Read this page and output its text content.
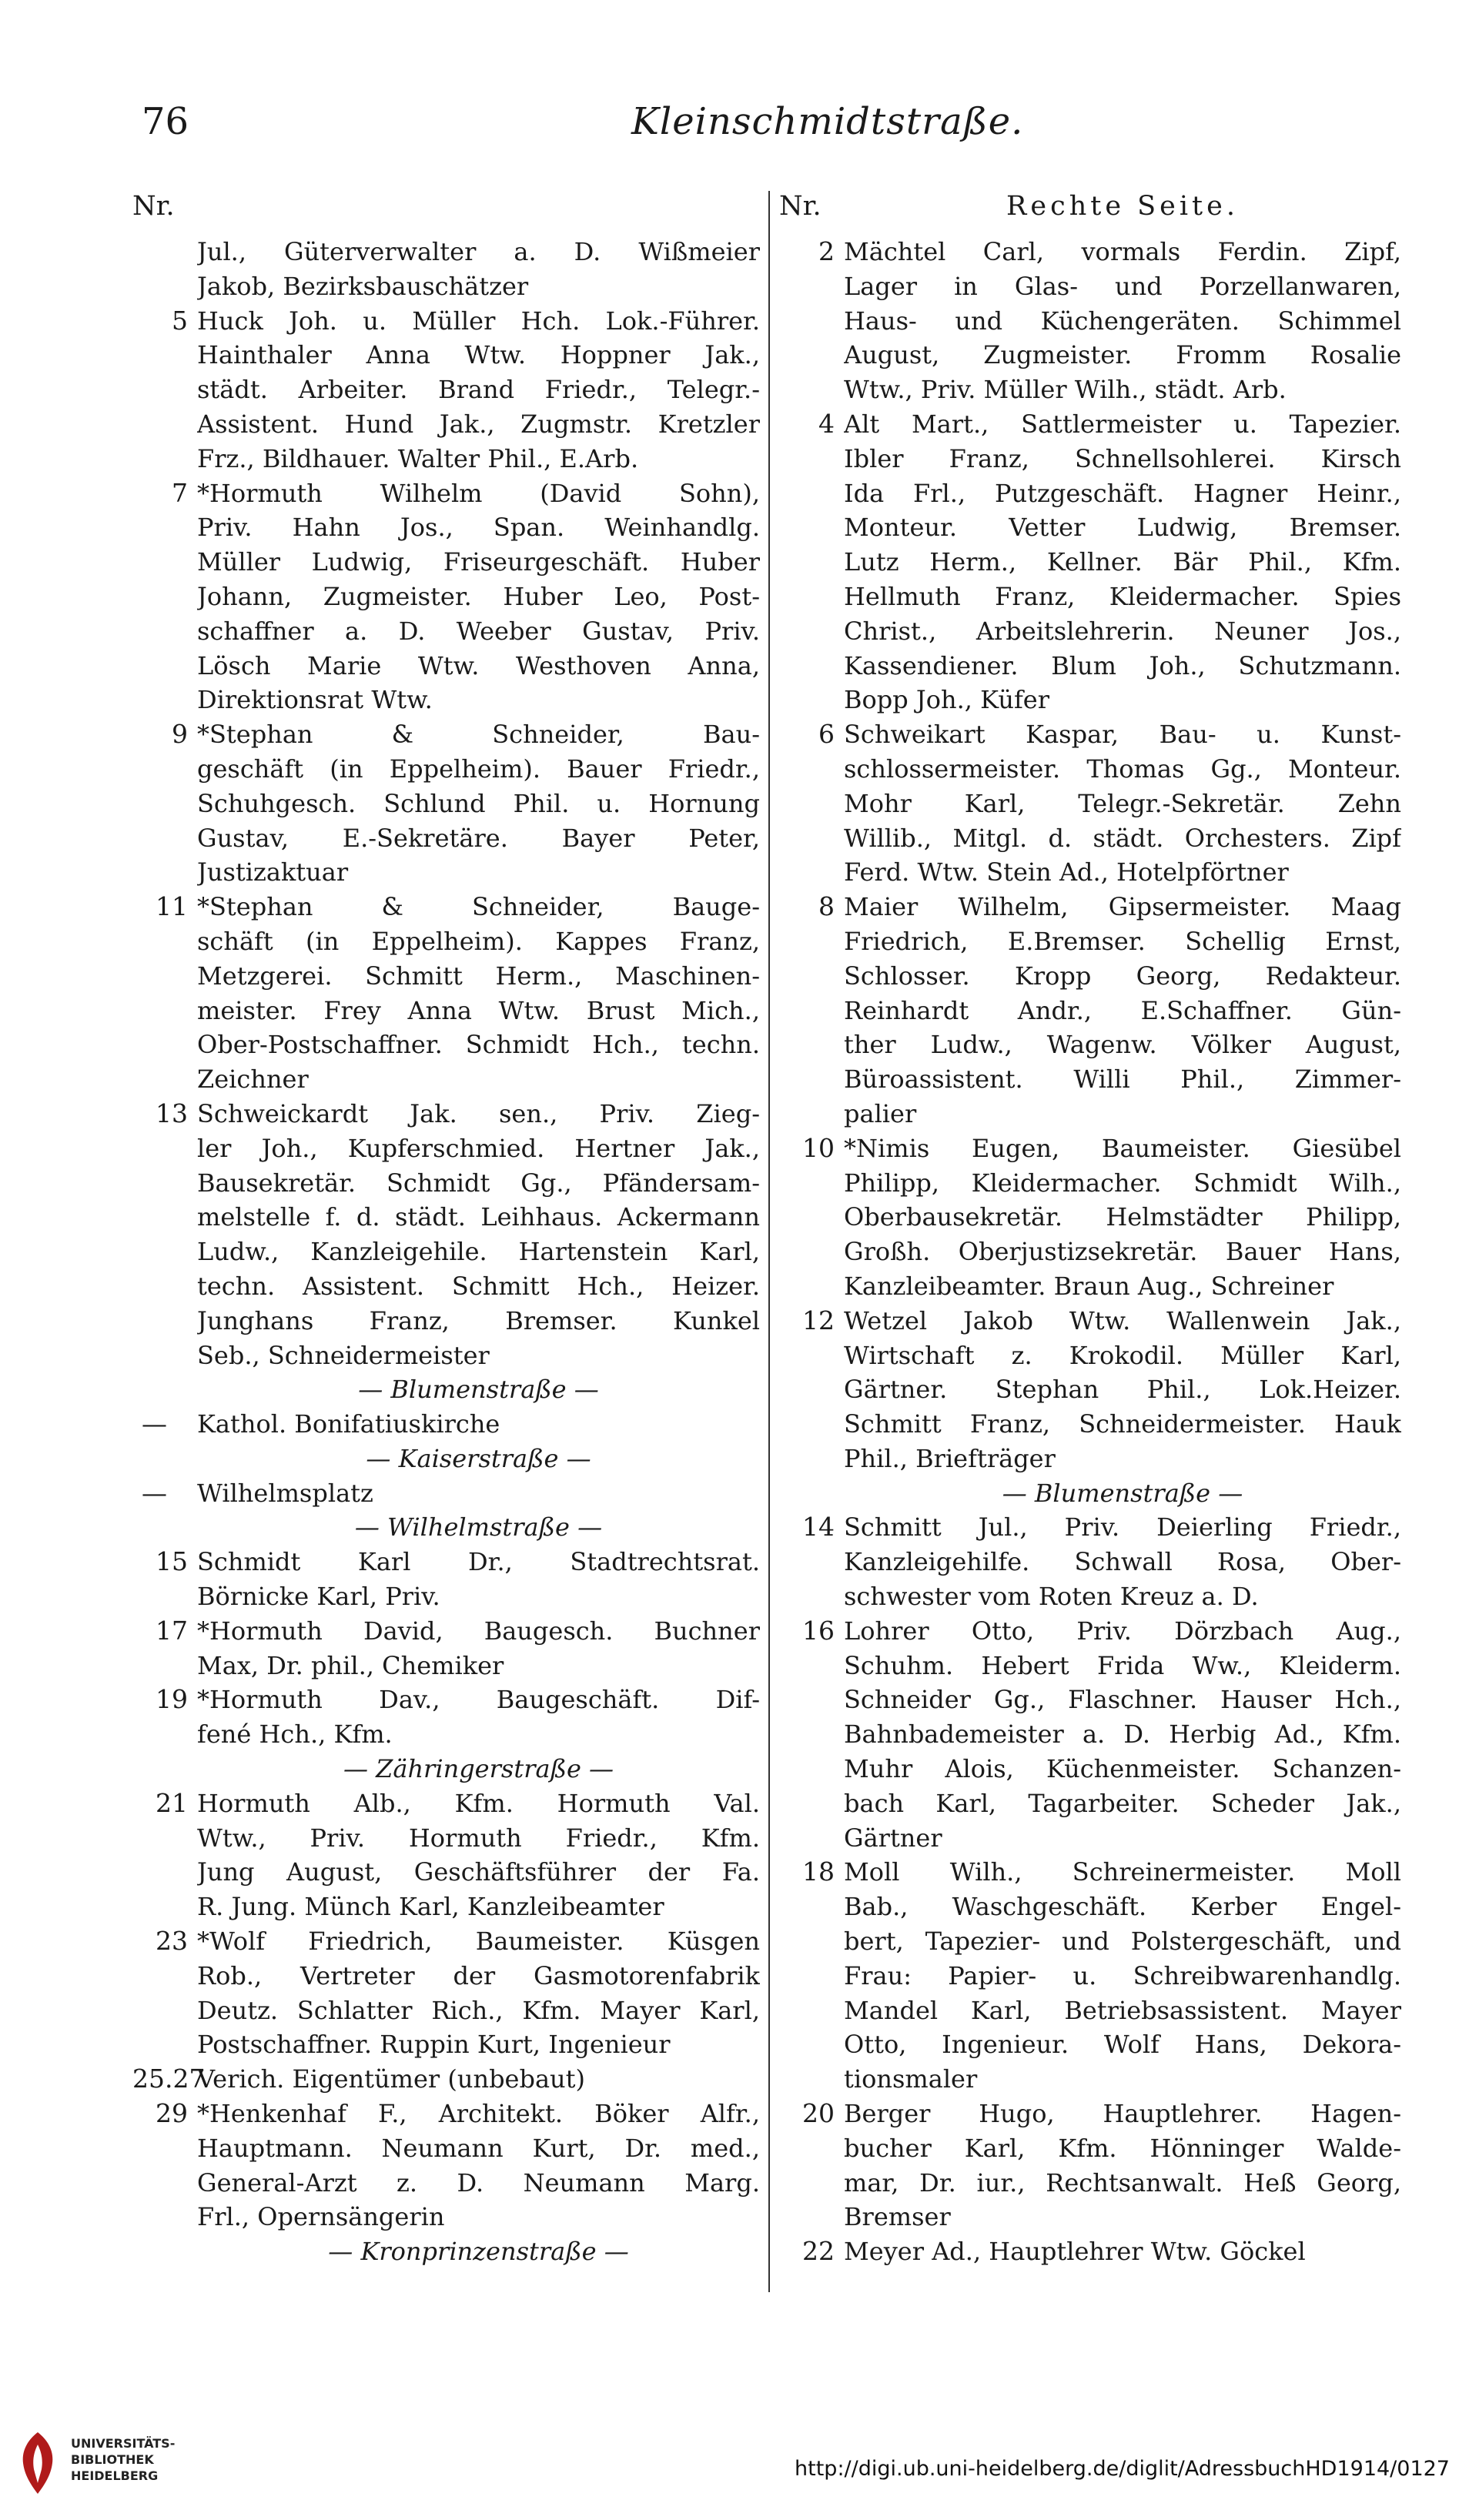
76	Kleinschmidtstraße.
Nr.
Jul., Güterverwalter a. D. Wißmeier
Jakob, Bezirksbauschätzer
5 Huck Joh. u. Müller Hch. Lok.-Führer.
Hainthaler Anna Wtw. Hoppner Jak.,
städt. Arbeiter. Brand Friedr., Telegr.-
Assistent. Hund Jak., Zugmstr. Kretzler
Frz., Bildhauer. Walter Phil., E.Arb.
7 *Hormuth Wilhelm (David Sohn),
Priv. Hahn Jos., Span. Weinhandlg.
Müller Ludwig, Friseurgeschäft. Huber
Johann, Zugmeister. Huber Leo, Post-
schaffner a. D. Weeber Gustav, Priv.
Lösch Marie Wtw. Westhoven Anna,
Direktionsrat Wtw.
9 *Stephan & Schneider, Bau-
geschäft (in Eppelheim). Bauer Friedr.,
Schuhgesch. Schlund Phil. u. Hornung
Gustav, E.-Sekretäre. Bayer Peter,
Justizaktuar
11 *Stephan & Schneider, Bauge-
schäft (in Eppelheim). Kappes Franz,
Metzgerei. Schmitt Herm., Maschinen-
meister. Frey Anna Wtw. Brust Mich.,
Ober-Postschaffner. Schmidt Hch., techn.
Zeichner
13 Schweickardt Jak. sen., Priv. Zieg-
ler Joh., Kupferschmied. Hertner Jak.,
Bausekretär. Schmidt Gg., Pfändersam-
melstelle f. d. städt. Leihhaus. Ackermann
Ludw., Kanzleigehile. Hartenstein Karl,
techn. Assistent. Schmitt Hch., Heizer.
Junghans Franz, Bremser. Kunkel
Seb., Schneidermeister
— Blumenstraße —
—	Kathol. Bonifatiuskirche
— Kaiserstraße —
—	Wilhelmsplatz
— Wilhelmstraße —
15 Schmidt Karl Dr., Stadtrechtsrat.
Börnicke Karl, Priv.
17 *Hormuth David, Baugesch. Buchner
Max, Dr. phil., Chemiker
19 *Hormuth Dav., Baugeschäft. Dif-
fené Hch., Kfm.
— Zähringerstraße —
21 Hormuth Alb., Kfm. Hormuth Val.
Wtw., Priv. Hormuth Friedr., Kfm.
Jung August, Geschäftsführer der Fa.
R. Jung. Münch Karl, Kanzleibeamter
23 *Wolf Friedrich, Baumeister. Küsgen
Rob., Vertreter der Gasmotorenfabrik
Deutz. Schlatter Rich., Kfm. Mayer Karl,
Postschaffner. Ruppin Kurt, Ingenieur
25.27
Verich. Eigentümer (unbebaut)
29 *Henkenhaf F., Architekt. Böker Alfr.,
Hauptmann. Neumann Kurt, Dr. med.,
General-Arzt z. D. Neumann Marg.
Frl., Opernsängerin
— Kronprinzenstraße —
Nr.	Rechte Seite.
2 Mächtel Carl, vormals Ferdin. Zipf,
Lager in Glas- und Porzellanwaren,
Haus- und Küchengeräten. Schimmel
August, Zugmeister. Fromm Rosalie
Wtw., Priv. Müller Wilh., städt. Arb.
4 Alt Mart., Sattlermeister u. Tapezier.
Ibler Franz, Schnellsohlerei. Kirsch
Ida Frl., Putzgeschäft. Hagner Heinr.,
Monteur. Vetter Ludwig, Bremser.
Lutz Herm., Kellner. Bär Phil., Kfm.
Hellmuth Franz, Kleidermacher. Spies
Christ., Arbeitslehrerin. Neuner Jos.,
Kassendiener. Blum Joh., Schutzmann.
Bopp Joh., Küfer
6 Schweikart Kaspar, Bau- u. Kunst-
schlossermeister. Thomas Gg., Monteur.
Mohr Karl, Telegr.-Sekretär. Zehn
Willib., Mitgl. d. städt. Orchesters. Zipf
Ferd. Wtw. Stein Ad., Hotelpförtner
8 Maier Wilhelm, Gipsermeister. Maag
Friedrich, E.Bremser. Schellig Ernst,
Schlosser. Kropp Georg, Redakteur.
Reinhardt Andr., E.Schaffner. Gün-
ther Ludw., Wagenw. Völker August,
Büroassistent. Willi Phil., Zimmer-
palier
10 *Nimis Eugen, Baumeister. Giesübel
Philipp, Kleidermacher. Schmidt Wilh.,
Oberbausekretär. Helmstädter Philipp,
Großh. Oberjustizsekretär. Bauer Hans,
Kanzleibeamter. Braun Aug., Schreiner
12 Wetzel Jakob Wtw. Wallenwein Jak.,
Wirtschaft z. Krokodil. Müller Karl,
Gärtner. Stephan Phil., Lok.Heizer.
Schmitt Franz, Schneidermeister. Hauk
Phil., Briefträger
— Blumenstraße —
14 Schmitt Jul., Priv. Deierling Friedr.,
Kanzleigehilfe. Schwall Rosa, Ober-
schwester vom Roten Kreuz a. D.
16 Lohrer Otto, Priv. Dörzbach Aug.,
Schuhm. Hebert Frida Ww., Kleiderm.
Schneider Gg., Flaschner. Hauser Hch.,
Bahnbademeister a. D. Herbig Ad., Kfm.
Muhr Alois, Küchenmeister. Schanzen-
bach Karl, Tagarbeiter. Scheder Jak.,
Gärtner
18 Moll Wilh., Schreinermeister. Moll
Bab., Waschgeschäft. Kerber Engel-
bert, Tapezier- und Polstergeschäft, und
Frau: Papier- u. Schreibwarenhandlg.
Mandel Karl, Betriebsassistent. Mayer
Otto, Ingenieur. Wolf Hans, Dekora-
tionsmaler
20 Berger Hugo, Hauptlehrer. Hagen-
bucher Karl, Kfm. Hönninger Walde-
mar, Dr. iur., Rechtsanwalt. Heß Georg,
Bremser
22 Meyer Ad., Hauptlehrer Wtw. Göckel
UNIVERSITÄTS-
BIBLIOTHEK
HEIDELBERG	http://digi.ub.uni-heidelberg.de/diglit/AdressbuchHD1914/0127
